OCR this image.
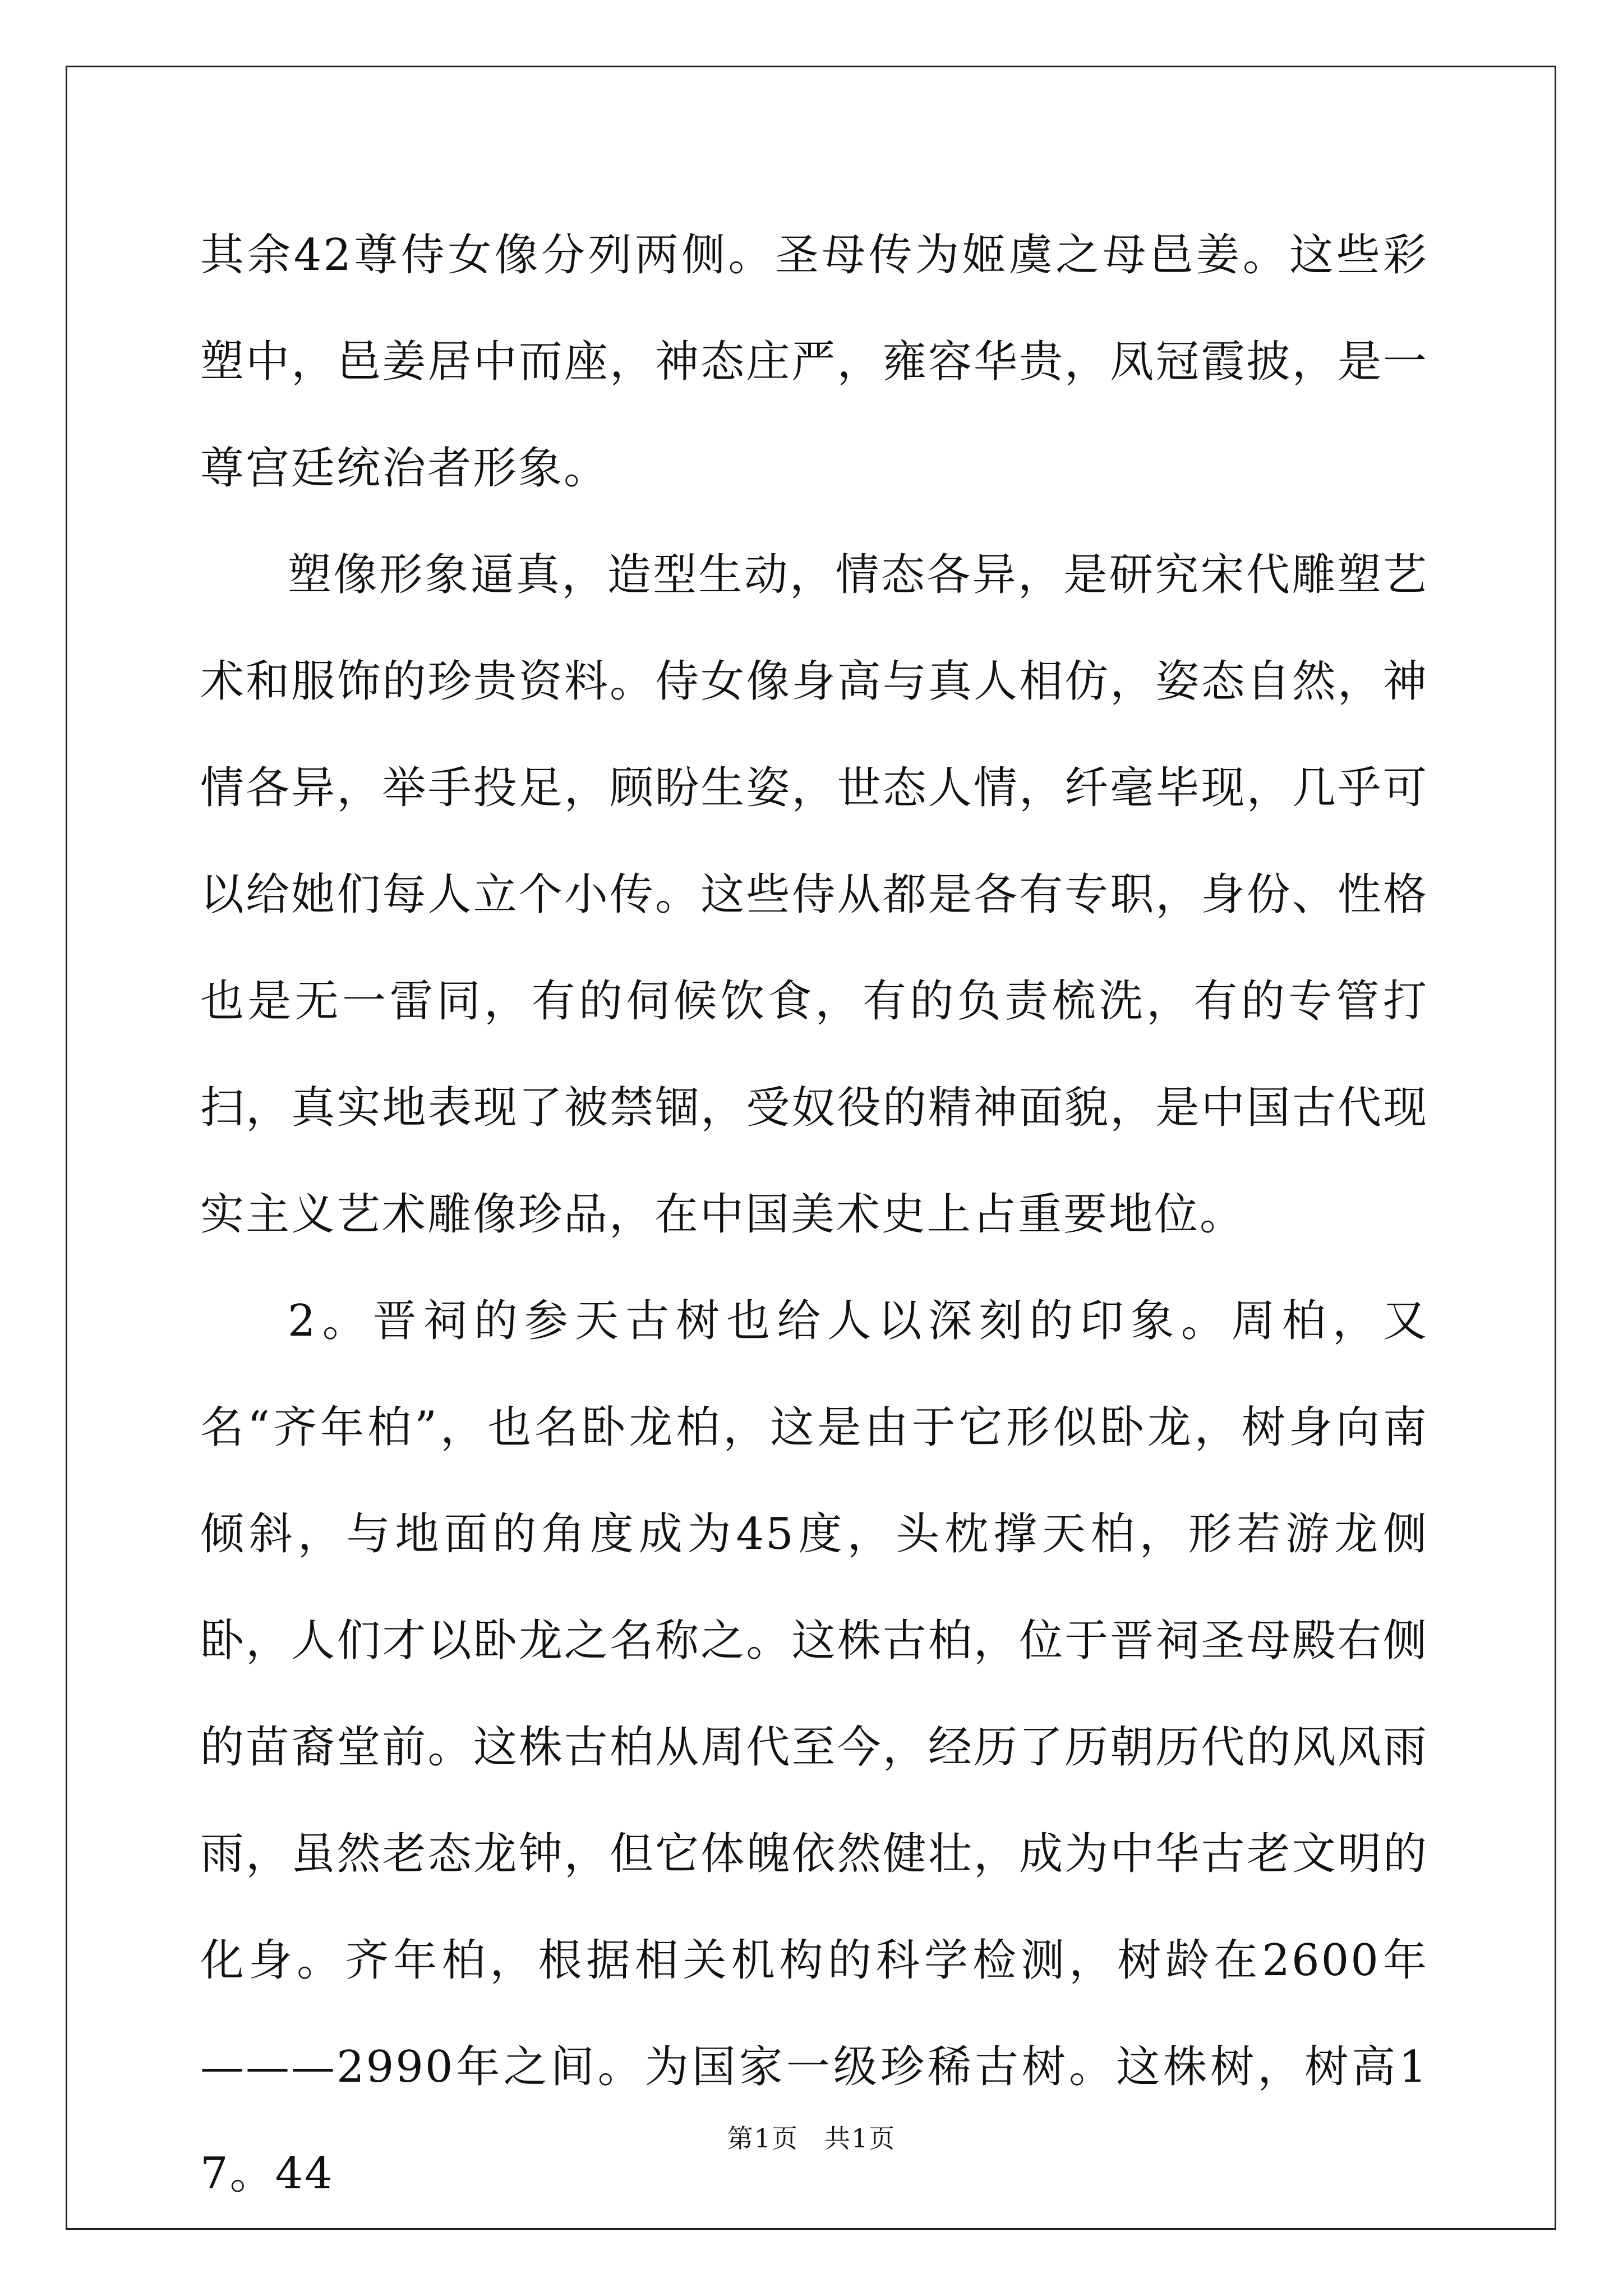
其余42尊侍女像分列两侧。圣母传为姬虞之母邑姜。这些彩塑中，邑姜居中而座，神态庄严，雍容华贵，凤冠霞披，是一尊宫廷统治者形象。

塑像形象逼真，造型生动，情态各异，是研究宋代雕塑艺术和服饰的珍贵资料。侍女像身高与真人相仿，姿态自然，神情各异，举手投足，顾盼生姿，世态人情，纤毫毕现，几乎可以给她们每人立个小传。这些侍从都是各有专职，身份、性格也是无一雷同，有的伺候饮食，有的负责梳洗，有的专管打扫，真实地表现了被禁锢，受奴役的精神面貌，是中国古代现实主义艺术雕像珍品，在中国美术史上占重要地位。

2。晋祠的参天古树也给人以深刻的印象。周柏，又名“齐年柏”，也名卧龙柏，这是由于它形似卧龙，树身向南倾斜，与地面的角度成为45度，头枕撑天柏，形若游龙侧卧，人们才以卧龙之名称之。这株古柏，位于晋祠圣母殿右侧的苗裔堂前。这株古柏从周代至今，经历了历朝历代的风风雨雨，虽然老态龙钟，但它体魄依然健壮，成为中华古老文明的化身。齐年柏，根据相关机构的科学检测，树龄在2600年———2990年之间。为国家一级珍稀古树。这株树，树高17。44

第1页 共1页
